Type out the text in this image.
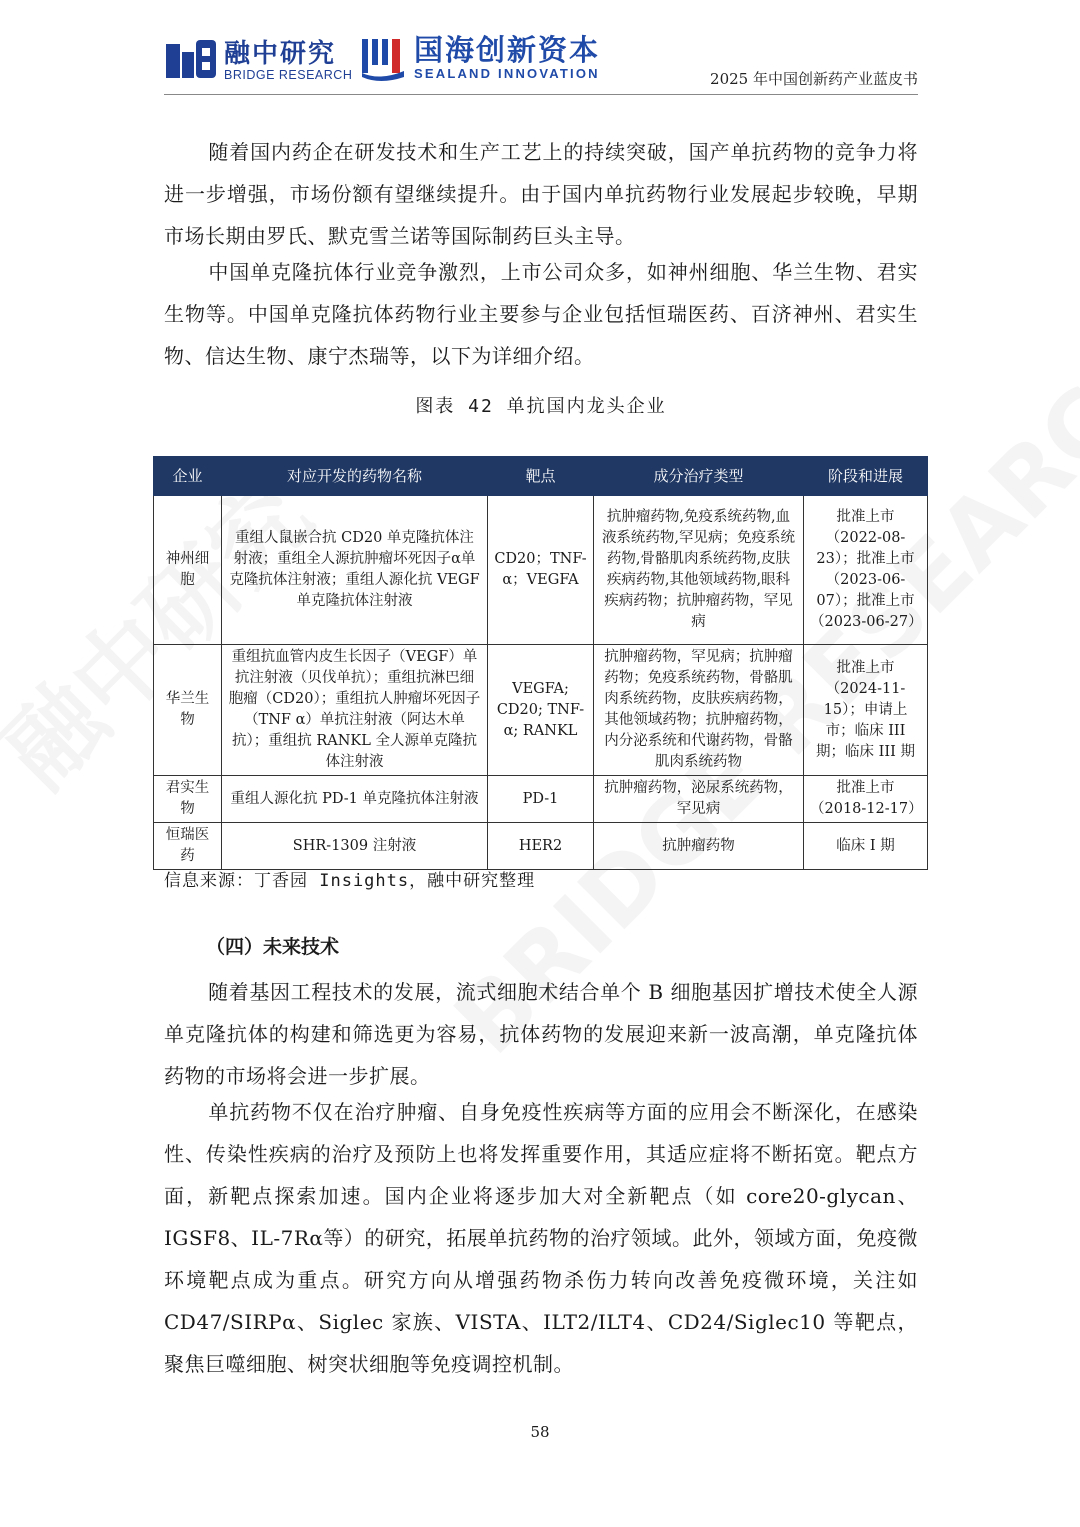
融中研究
BRIDGE RESEARCH
国海创新资本
SEALAND INNOVATION	2025 年中国创新药产业蓝皮书
随着国内药企在研发技术和生产工艺上的持续突破，国产单抗药物的竞争力将进一步增强，市场份额有望继续提升。由于国内单抗药物行业发展起步较晚，早期市场长期由罗氏、默克雪兰诺等国际制药巨头主导。
中国单克隆抗体行业竞争激烈，上市公司众多，如神州细胞、华兰生物、君实生物等。中国单克隆抗体药物行业主要参与企业包括恒瑞医药、百济神州、君实生物、信达生物、康宁杰瑞等，以下为详细介绍。
图表 42 单抗国内龙头企业
企业	对应开发的药物名称	靶点	成分治疗类型	阶段和进展
神州细胞	重组人鼠嵌合抗 CD20 单克隆抗体注射液；重组全人源抗肿瘤坏死因子α单克隆抗体注射液；重组人源化抗 VEGF 单克隆抗体注射液	CD20；TNF-α；VEGFA	抗肿瘤药物,免疫系统药物,血液系统药物,罕见病；免疫系统药物,骨骼肌肉系统药物,皮肤疾病药物,其他领域药物,眼科疾病药物；抗肿瘤药物，罕见病	批准上市（2022-08-23）；批准上市（2023-06-07）；批准上市（2023-06-27）
华兰生物	重组抗血管内皮生长因子（VEGF）单抗注射液（贝伐单抗）；重组抗淋巴细胞瘤（CD20）；重组抗人肿瘤坏死因子（TNF α）单抗注射液（阿达木单抗）；重组抗 RANKL 全人源单克隆抗体注射液	VEGFA; CD20; TNF-α; RANKL	抗肿瘤药物，罕见病；抗肿瘤药物；免疫系统药物，骨骼肌肉系统药物，皮肤疾病药物，其他领域药物；抗肿瘤药物，内分泌系统和代谢药物，骨骼肌肉系统药物	批准上市（2024-11-15）；申请上市；临床 III 期；临床 III 期
君实生物	重组人源化抗 PD-1 单克隆抗体注射液	PD-1	抗肿瘤药物，泌尿系统药物，罕见病	批准上市（2018-12-17）
恒瑞医药	SHR-1309 注射液	HER2	抗肿瘤药物	临床 I 期
信息来源：丁香园 Insights，融中研究整理
（四）未来技术
随着基因工程技术的发展，流式细胞术结合单个 B 细胞基因扩增技术使全人源单克隆抗体的构建和筛选更为容易，抗体药物的发展迎来新一波高潮，单克隆抗体药物的市场将会进一步扩展。
单抗药物不仅在治疗肿瘤、自身免疫性疾病等方面的应用会不断深化，在感染性、传染性疾病的治疗及预防上也将发挥重要作用，其适应症将不断拓宽。靶点方面，新靶点探索加速。国内企业将逐步加大对全新靶点（如 core20-glycan、IGSF8、IL-7Rα等）的研究，拓展单抗药物的治疗领域。此外，领域方面，免疫微环境靶点成为重点。研究方向从增强药物杀伤力转向改善免疫微环境，关注如 CD47/SIRPα、Siglec 家族、VISTA、ILT2/ILT4、CD24/Siglec10 等靶点，聚焦巨噬细胞、树突状细胞等免疫调控机制。
58
